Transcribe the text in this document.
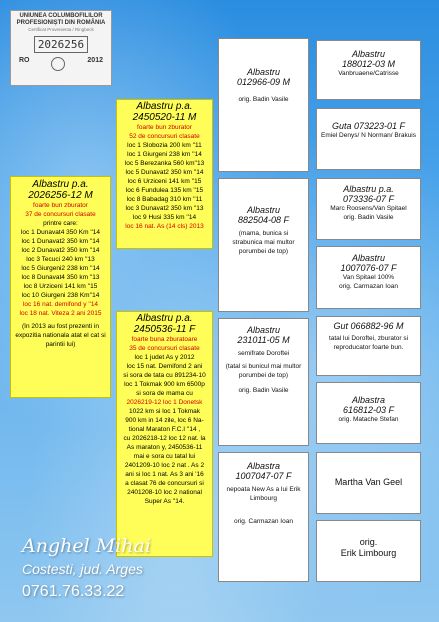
UNIUNEA COLUMBOFILILOR
PROFESIONIȘTI DIN ROMÂNIA
Certificat Provenienta / Ringbeck
2026256
RO	2012
Albastru p.a.
2026256-12 M
foarte bun zburator
37 de concursuri clasate
printre care:
loc 1 Dunavat4 350 Km ''14
loc 1 Dunavat2 350 km ''14
loc 2 Dunavat2 350 km ''14
loc 3 Tecuci 240 km ''13
loc 5 Giurgeni2 238 km ''14
loc 8 Dunavat4 350 km ''13
loc 8 Urziceni 141 km ''15
loc 10 Giurgeni 238 Km''14
loc 16 nat. demifond y ''14
loc 18 nat. Viteza 2 ani 2015
(în 2013 au fost prezenti in expozitia nationala atat el cat si parintii lui)
Albastru p.a.
2450520-11 M
foarte bun zburator
52 de concursuri clasate
loc 1 Slobozia 200 km ''11
loc 1 Giurgeni 238 km ''14
loc 5 Berezanka 560 km''13
loc 5 Dunavat2 350 km ''14
loc 6 Urziceni 141 km ''15
loc 6 Fundulea 135 km ''15
loc 8 Babadag 310 km ''11
loc 3 Dunavat2 350 km ''13
loc 9 Husi 335 km ''14
loc 16 nat. As (14 cls) 2013
Albastru p.a.
2450536-11 F
foarte buna zburatoare
35 de concursuri clasate
loc 1 judet As y 2012
loc 15 nat. Demifond 2 ani
si sora de tata cu 891234-10
loc 1 Tokmak 900 km 6500p
si sora de mama cu
2026219-12 loc 1 Donetsk
1022 km si loc 1 Tokmak
900 km in 14 zile, loc 6 Na-
tional Maraton F.C.I ''14 ,
cu 2026218-12 loc 12 nat. la
As maraton y, 2450536-11
mai e sora cu tatal lui
2401209-10 loc 2 nat . As 2
ani si loc 1 nat. As 3 ani '16
a clasat 76 de concursuri si
2401208-10 loc 2 national
Super As ''14.
Albastru
012966-09 M
orig. Badin Vasile
Albastru
188012-03 M
Vanbruaene/Catrisse
Guta 073223-01 F
Emiel Denys/ N Norman/ Brakuis
Albastru
882504-08 F
(mama, bunica si strabunica mai multor porumbei de top)
Albastru p.a.
073336-07 F
Marc Roosens/Van Spitael
orig. Badin Vasile
Albastru
1007076-07 F
Van Spitael 100%
orig. Carmazan Ioan
Albastru
231011-05 M
semifrate Doroftei
(tatal si bunicul mai multor porumbei de top)
orig. Badin Vasile
Gut 066882-96 M
tatal lui Doroftei, zburator si reproducator foarte bun.
Albastra
616812-03 F
orig. Matache Stefan
Albastra
1007047-07 F
nepoata New As a lui Erik Limbourg
orig. Carmazan Ioan
Martha Van Geel
orig.
Erik Limbourg
Anghel Mihai
Costesti, jud. Arges
0761.76.33.22
